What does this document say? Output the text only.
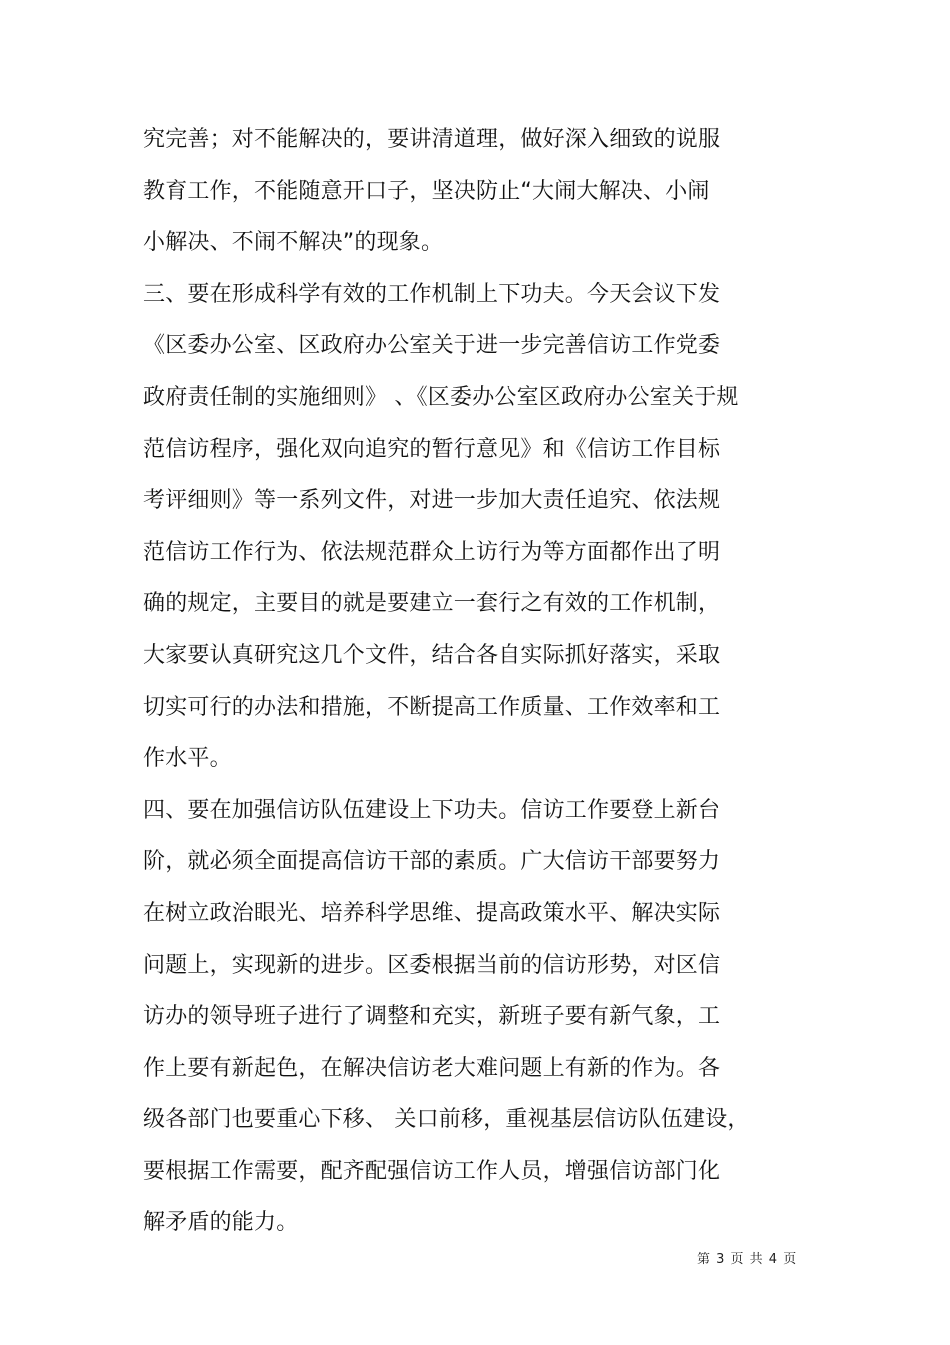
究完善；对不能解决的，要讲清道理，做好深入细致的说服
教育工作，不能随意开口子，坚决防止“大闹大解决、小闹
小解决、不闹不解决”的现象。
三、要在形成科学有效的工作机制上下功夫。今天会议下发
《区委办公室、区政府办公室关于进一步完善信访工作党委
政府责任制的实施细则》 、《区委办公室区政府办公室关于规
范信访程序，强化双向追究的暂行意见》和《信访工作目标
考评细则》等一系列文件，对进一步加大责任追究、依法规
范信访工作行为、依法规范群众上访行为等方面都作出了明
确的规定，主要目的就是要建立一套行之有效的工作机制，
大家要认真研究这几个文件，结合各自实际抓好落实，采取
切实可行的办法和措施，不断提高工作质量、工作效率和工
作水平。
四、要在加强信访队伍建设上下功夫。信访工作要登上新台
阶，就必须全面提高信访干部的素质。广大信访干部要努力
在树立政治眼光、培养科学思维、提高政策水平、解决实际
问题上，实现新的进步。区委根据当前的信访形势，对区信
访办的领导班子进行了调整和充实，新班子要有新气象，工
作上要有新起色，在解决信访老大难问题上有新的作为。各
级各部门也要重心下移、 关口前移，重视基层信访队伍建设，
要根据工作需要，配齐配强信访工作人员，增强信访部门化
解矛盾的能力。
第 3 页 共 4 页
